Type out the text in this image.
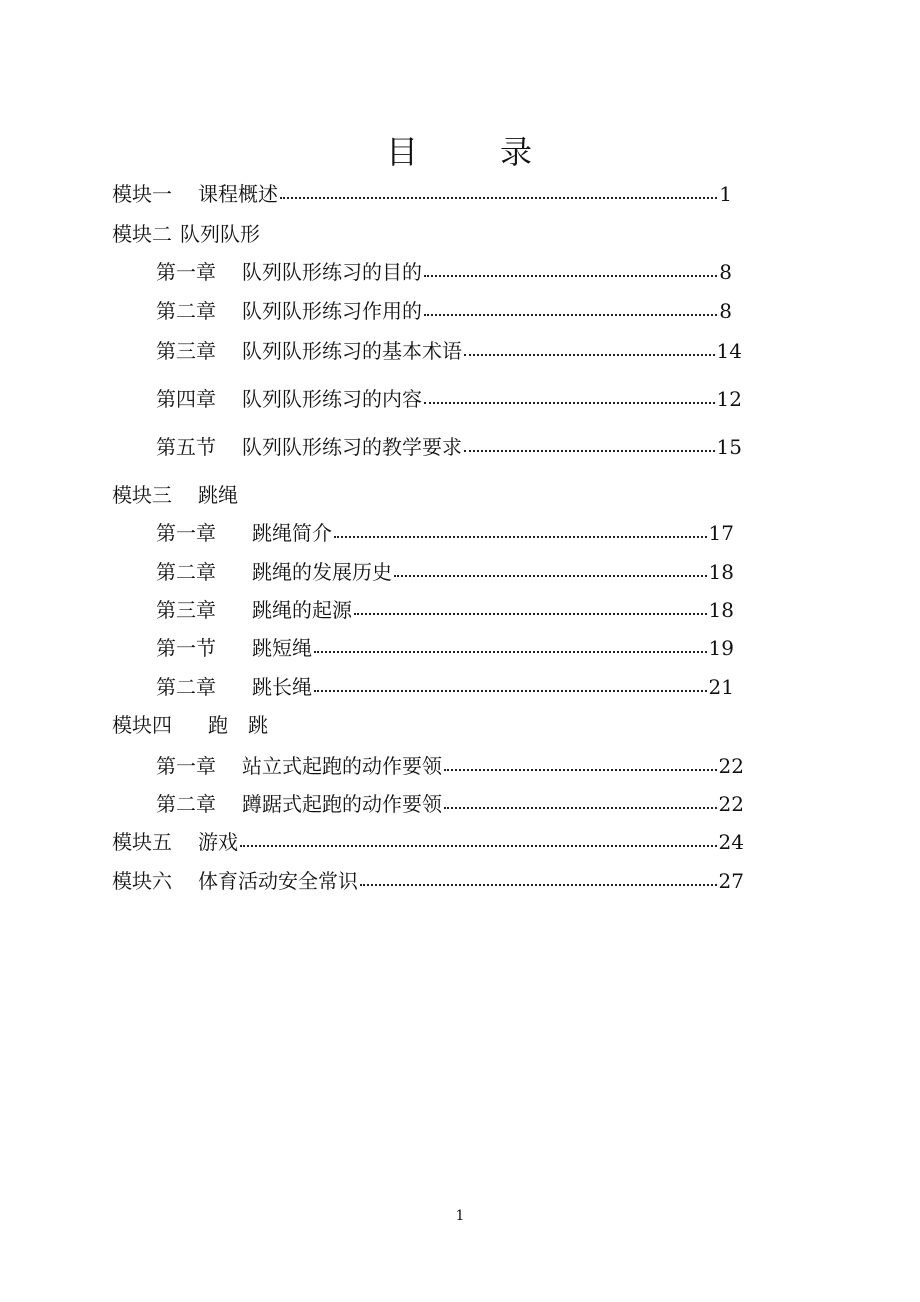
目	录
模块一 课程概述	1
模块二 队列队形
第一章 队列队形练习的目的	8
第二章 队列队形练习作用的	8
第三章 队列队形练习的基本术语	14
第四章 队列队形练习的内容	12
第五节 队列队形练习的教学要求	15
模块三 跳绳
第一章 跳绳简介	17
第二章 跳绳的发展历史	18
第三章 跳绳的起源	18
第一节 跳短绳	19
第二章 跳长绳	21
模块四 跑　跳
第一章 站立式起跑的动作要领	22
第二章 蹲踞式起跑的动作要领	22
模块五 游戏	24
模块六 体育活动安全常识	27
1
